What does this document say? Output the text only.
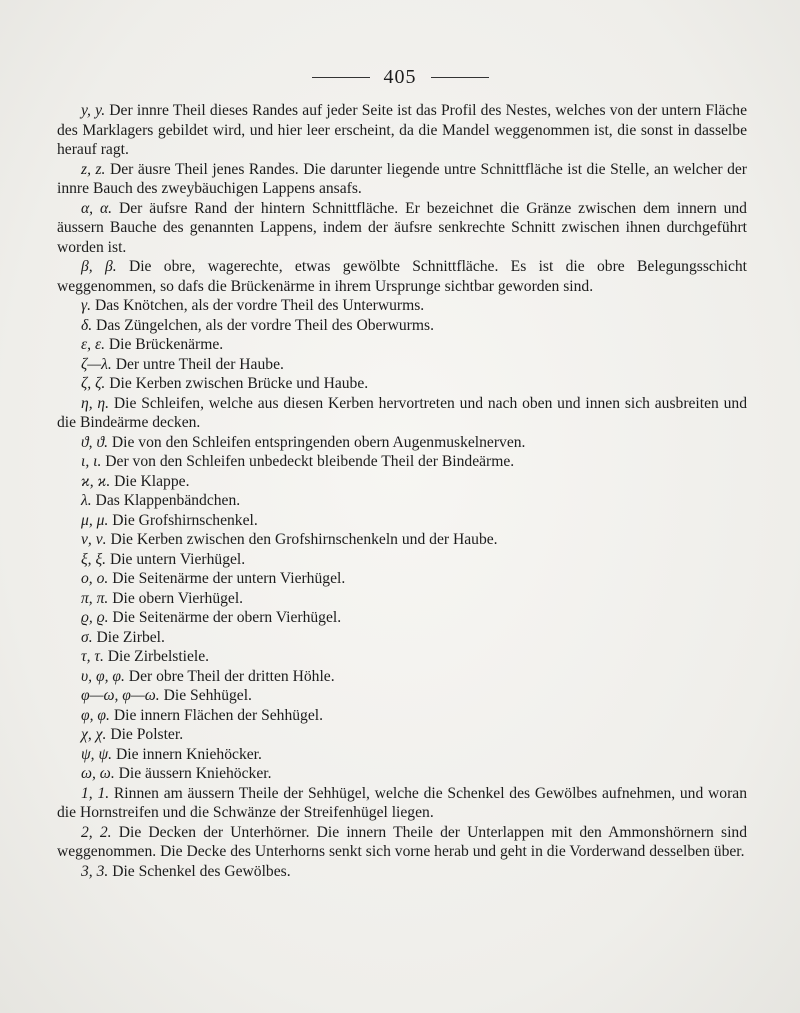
405

y, y. Der innre Theil dieses Randes auf jeder Seite ist das Profil des Nestes, welches von der untern Fläche des Marklagers gebildet wird, und hier leer erscheint, da die Mandel weggenommen ist, die sonst in dasselbe herauf ragt.

z, z. Der äusre Theil jenes Randes. Die darunter liegende untre Schnittfläche ist die Stelle, an welcher der innre Bauch des zweybäuchigen Lappens ansafs.

α, α. Der äufsre Rand der hintern Schnittfläche. Er bezeichnet die Gränze zwischen dem innern und äussern Bauche des genannten Lappens, indem der äufsre senkrechte Schnitt zwischen ihnen durchgeführt worden ist.

β, β. Die obre, wagerechte, etwas gewölbte Schnittfläche. Es ist die obre Belegungsschicht weggenommen, so dafs die Brückenärme in ihrem Ursprunge sichtbar geworden sind.

γ. Das Knötchen, als der vordre Theil des Unterwurms.

δ. Das Züngelchen, als der vordre Theil des Oberwurms.

ε, ε. Die Brückenärme.

ζ—λ. Der untre Theil der Haube.

ζ, ζ. Die Kerben zwischen Brücke und Haube.

η, η. Die Schleifen, welche aus diesen Kerben hervortreten und nach oben und innen sich ausbreiten und die Bindeärme decken.

ϑ, ϑ. Die von den Schleifen entspringenden obern Augenmuskelnerven.

ι, ι. Der von den Schleifen unbedeckt bleibende Theil der Bindeärme.

ϰ, ϰ. Die Klappe.

λ. Das Klappenbändchen.

μ, μ. Die Grofshirnschenkel.

ν, ν. Die Kerben zwischen den Grofshirnschenkeln und der Haube.

ξ, ξ. Die untern Vierhügel.

ο, ο. Die Seitenärme der untern Vierhügel.

π, π. Die obern Vierhügel.

ϱ, ϱ. Die Seitenärme der obern Vierhügel.

σ. Die Zirbel.

τ, τ. Die Zirbelstiele.

υ, φ, φ. Der obre Theil der dritten Höhle.

φ—ω, φ—ω. Die Sehhügel.

φ, φ. Die innern Flächen der Sehhügel.

χ, χ. Die Polster.

ψ, ψ. Die innern Kniehöcker.

ω, ω. Die äussern Kniehöcker.

1, 1. Rinnen am äussern Theile der Sehhügel, welche die Schenkel des Gewölbes aufnehmen, und woran die Hornstreifen und die Schwänze der Streifenhügel liegen.

2, 2. Die Decken der Unterhörner. Die innern Theile der Unterlappen mit den Ammonshörnern sind weggenommen. Die Decke des Unterhorns senkt sich vorne herab und geht in die Vorderwand desselben über.

3, 3. Die Schenkel des Gewölbes.
